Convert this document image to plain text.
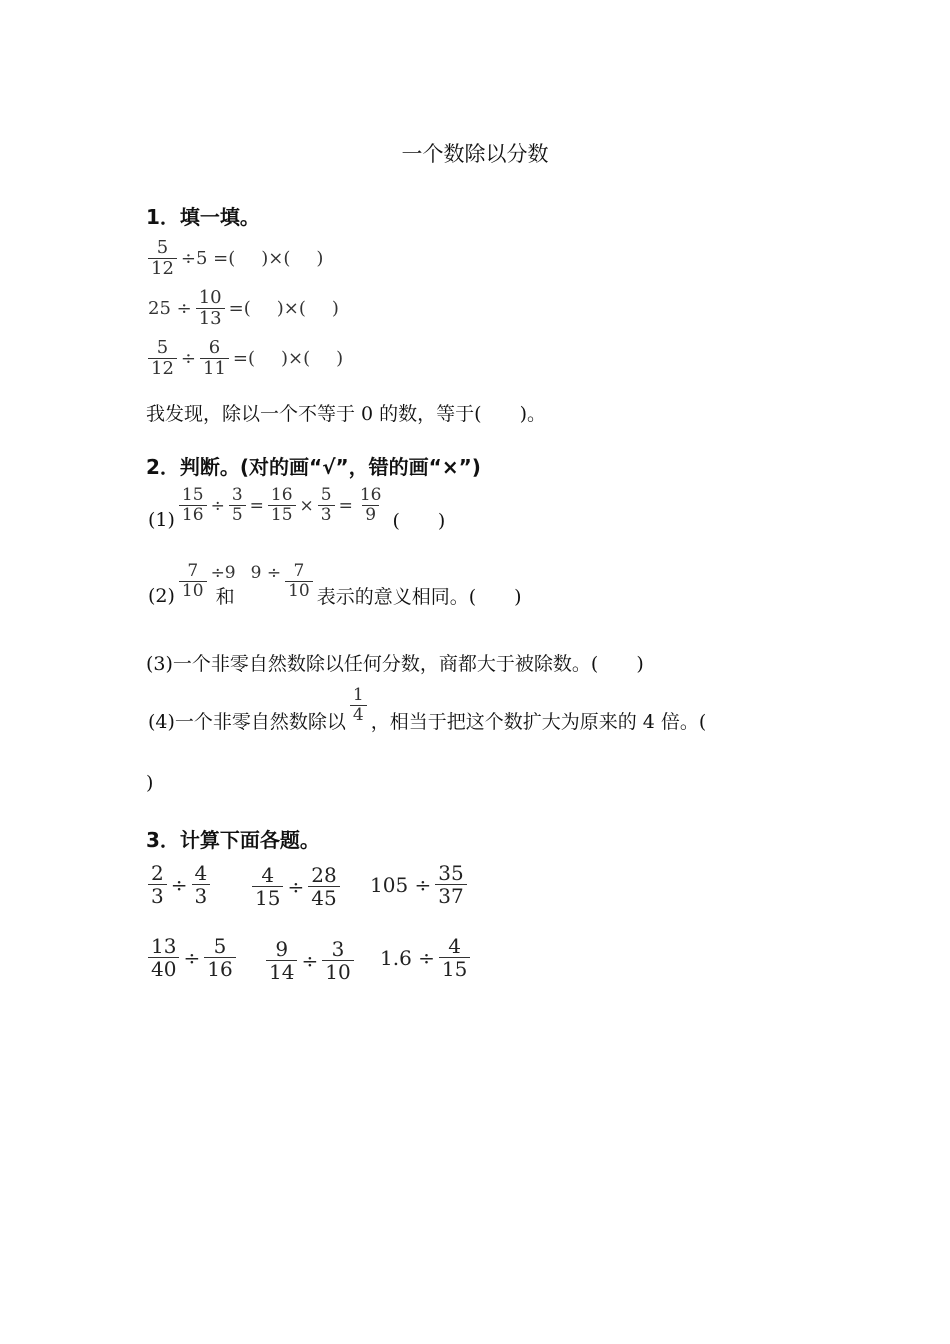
一个数除以分数
1．填一填。
$\frac{5}{12} \div 5$ =( )×( )
$25 \div \frac{10}{13}$ =( )×( )
$\frac{5}{12} \div \frac{6}{11}$ =( )×( )
我发现，除以一个不等于 0 的数，等于(　　)。
2．判断。(对的画“√”，错的画“×”)
$(1) \frac{15}{16} \div \frac{3}{5} = \frac{16}{15} \times \frac{5}{3} = \frac{16}{9}$ (　　)
$(2) \frac{7}{10} \div 9$
和
$9 \div \frac{7}{10}$ 表示的意义相同。(　　)
(3)一个非零自然数除以任何分数，商都大于被除数。(　　)
(4)一个非零自然数除以 $\frac{1}{4}$ ，相当于把这个数扩大为原来的 4 倍。(
)
3．计算下面各题。
$\frac{2}{3} \div \frac{4}{3} \frac{4}{15} \div \frac{28}{45} 105 \div \frac{35}{37}$
$\frac{13}{40} \div \frac{5}{16} \frac{9}{14} \div \frac{3}{10} 1.6 \div \frac{4}{15}$
